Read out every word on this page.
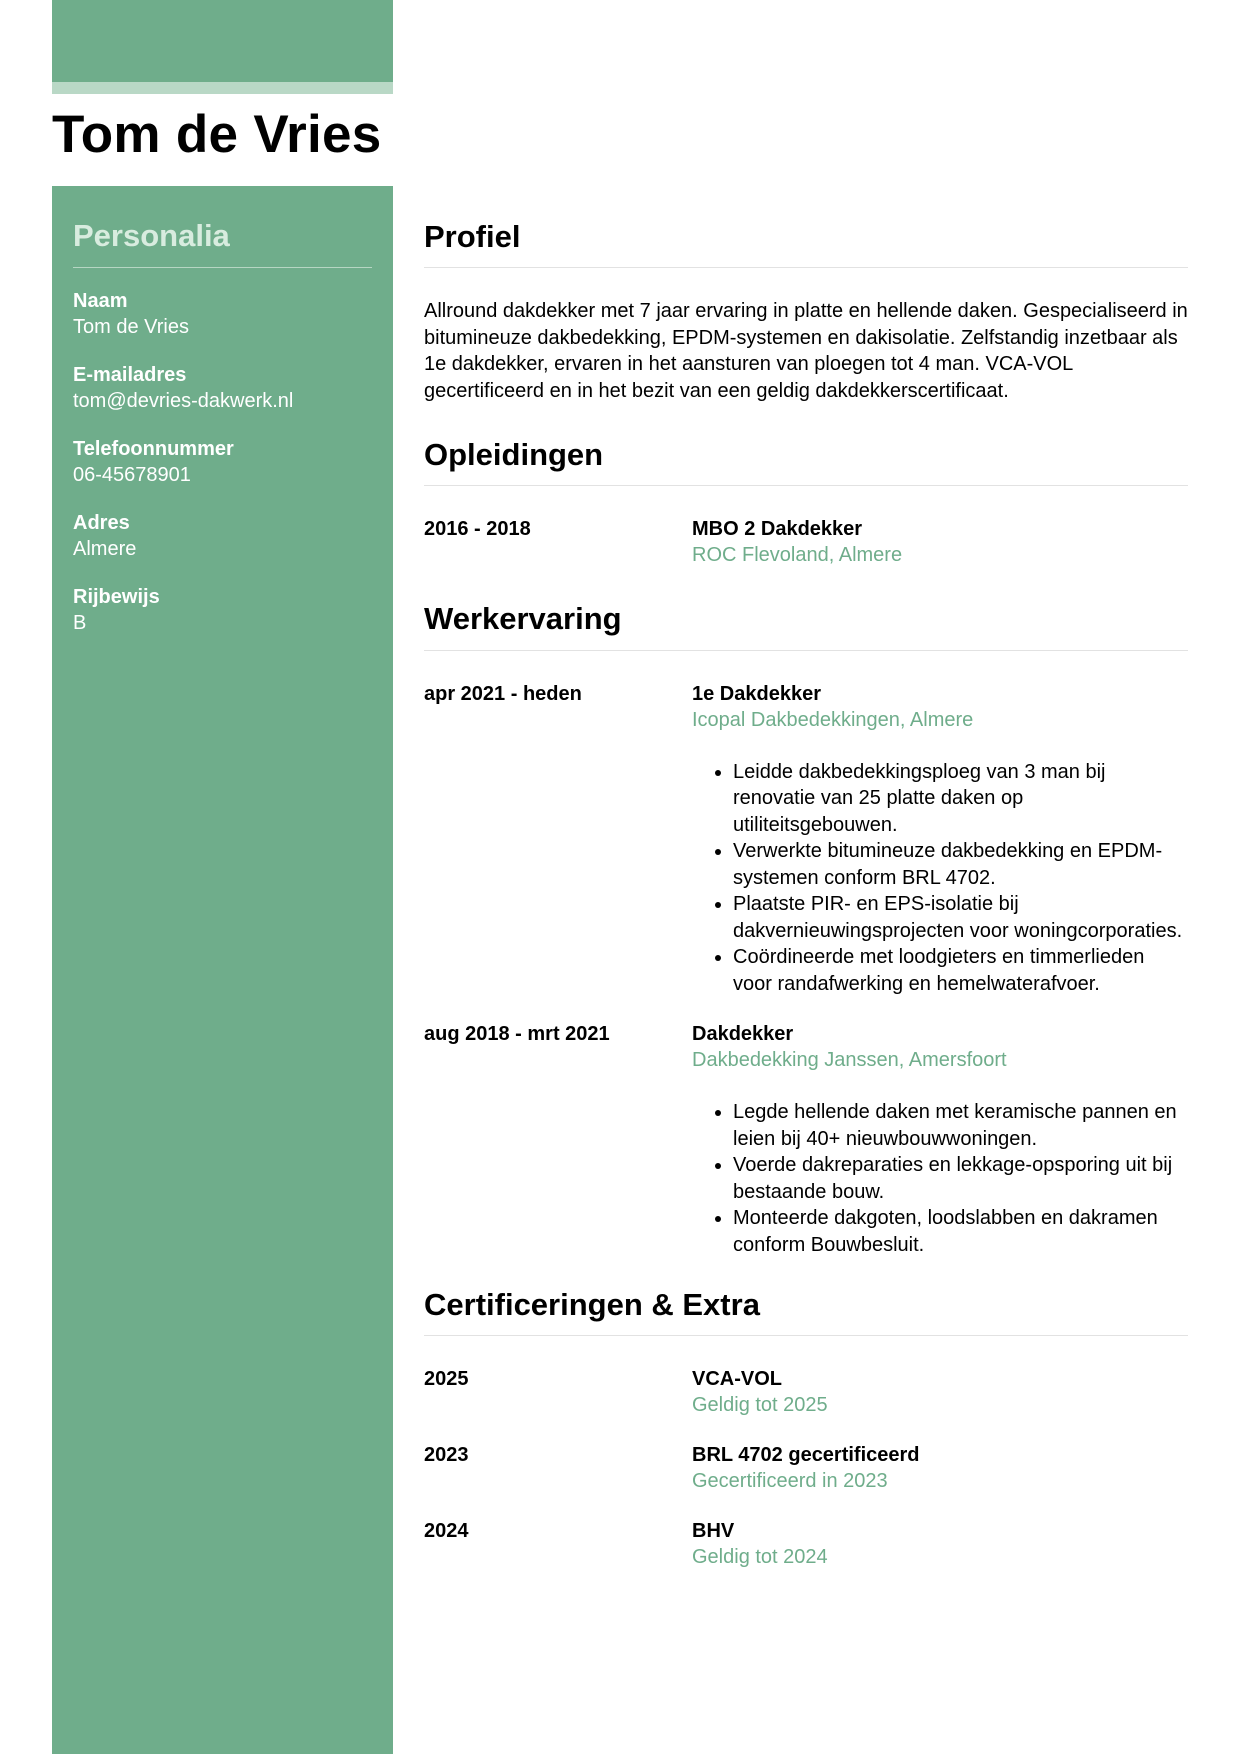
Tom de Vries
Personalia
Naam
Tom de Vries
E-mailadres
tom@devries-dakwerk.nl
Telefoonnummer
06-45678901
Adres
Almere
Rijbewijs
B
Profiel

Allround dakdekker met 7 jaar ervaring in platte en hellende daken. Gespecialiseerd in bitumineuze dakbedekking, EPDM-systemen en dakisolatie. Zelfstandig inzetbaar als 1e dakdekker, ervaren in het aansturen van ploegen tot 4 man. VCA-VOL gecertificeerd en in het bezit van een geldig dakdekkerscertificaat.

Opleidingen
2016 - 2018	MBO 2 Dakdekker
ROC Flevoland, Almere
Werkervaring
apr 2021 - heden	1e Dakdekker
Icopal Dakbedekkingen, Almere
• Leidde dakbedekkingsploeg van 3 man bij renovatie van 25 platte daken op utiliteitsgebouwen.
• Verwerkte bitumineuze dakbedekking en EPDM-systemen conform BRL 4702.
• Plaatste PIR- en EPS-isolatie bij dakvernieuwingsprojecten voor woningcorporaties.
• Coördineerde met loodgieters en timmerlieden voor randafwerking en hemelwaterafvoer.
aug 2018 - mrt 2021	Dakdekker
Dakbedekking Janssen, Amersfoort
• Legde hellende daken met keramische pannen en leien bij 40+ nieuwbouwwoningen.
• Voerde dakreparaties en lekkage-opsporing uit bij bestaande bouw.
• Monteerde dakgoten, loodslabben en dakramen conform Bouwbesluit.
Certificeringen & Extra
2025	VCA-VOL
Geldig tot 2025
2023	BRL 4702 gecertificeerd
Gecertificeerd in 2023
2024	BHV
Geldig tot 2024
